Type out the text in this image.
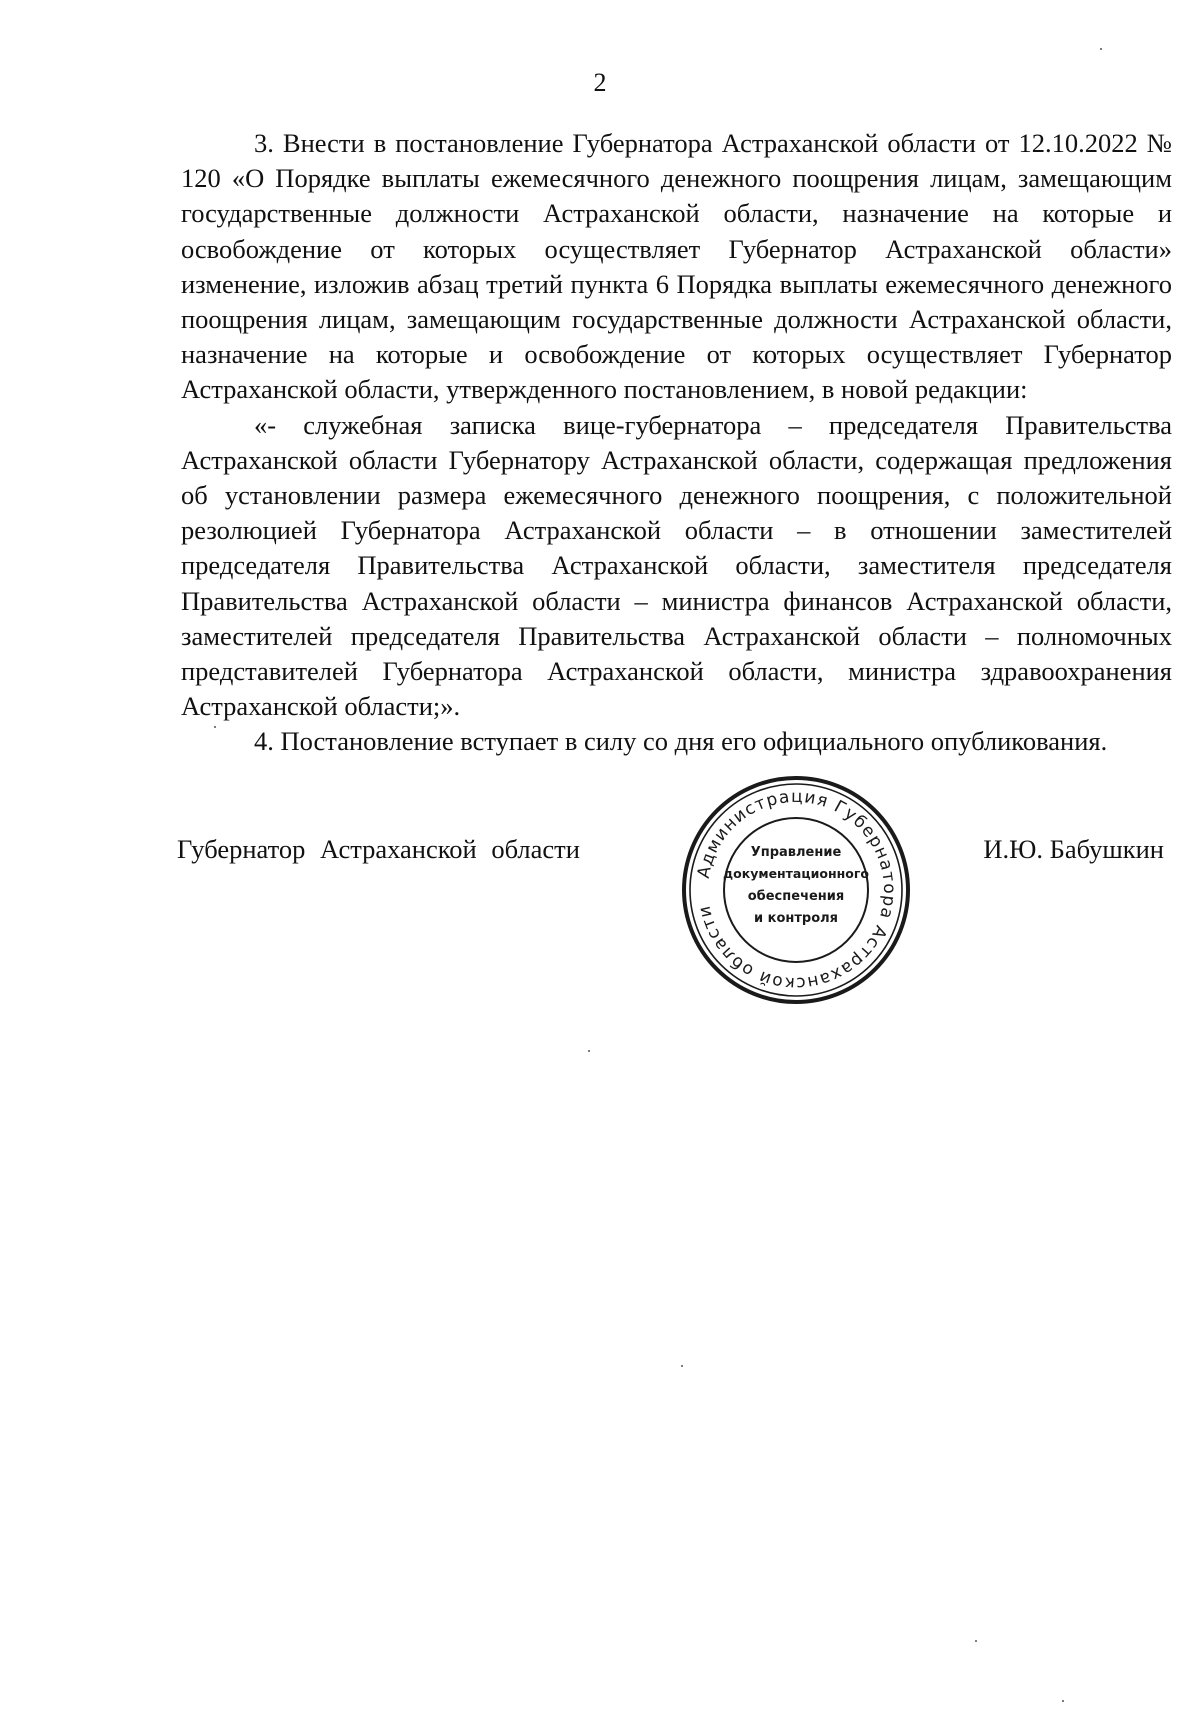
2

3. Внести в постановление Губернатора Астраханской области от 12.10.2022 № 120 «О Порядке выплаты ежемесячного денежного поощрения лицам, замещающим государственные должности Астраханской области, назначение на которые и освобождение от которых осуществляет Губернатор Астраханской области» изменение, изложив абзац третий пункта 6 Порядка выплаты ежемесячного денежного поощрения лицам, замещающим государственные должности Астраханской области, назначение на которые и освобождение от которых осуществляет Губернатор Астраханской области, утвержденного постановлением, в новой редакции:

«- служебная записка вице-губернатора – председателя Правительства Астраханской области Губернатору Астраханской области, содержащая предложения об установлении размера ежемесячного денежного поощрения, с положительной резолюцией Губернатора Астраханской области – в отношении заместителей председателя Правительства Астраханской области, заместителя председателя Правительства Астраханской области – министра финансов Астраханской области, заместителей председателя Правительства Астраханской области – полномочных представителей Губернатора Астраханской области, министра здравоохранения Астраханской области;».

4. Постановление вступает в силу со дня его официального опубликования.

Губернатор Астраханской области	И.Ю. Бабушкин
Администрация Губернатора Астраханской области
Управление
документационного
обеспечения
и контроля
